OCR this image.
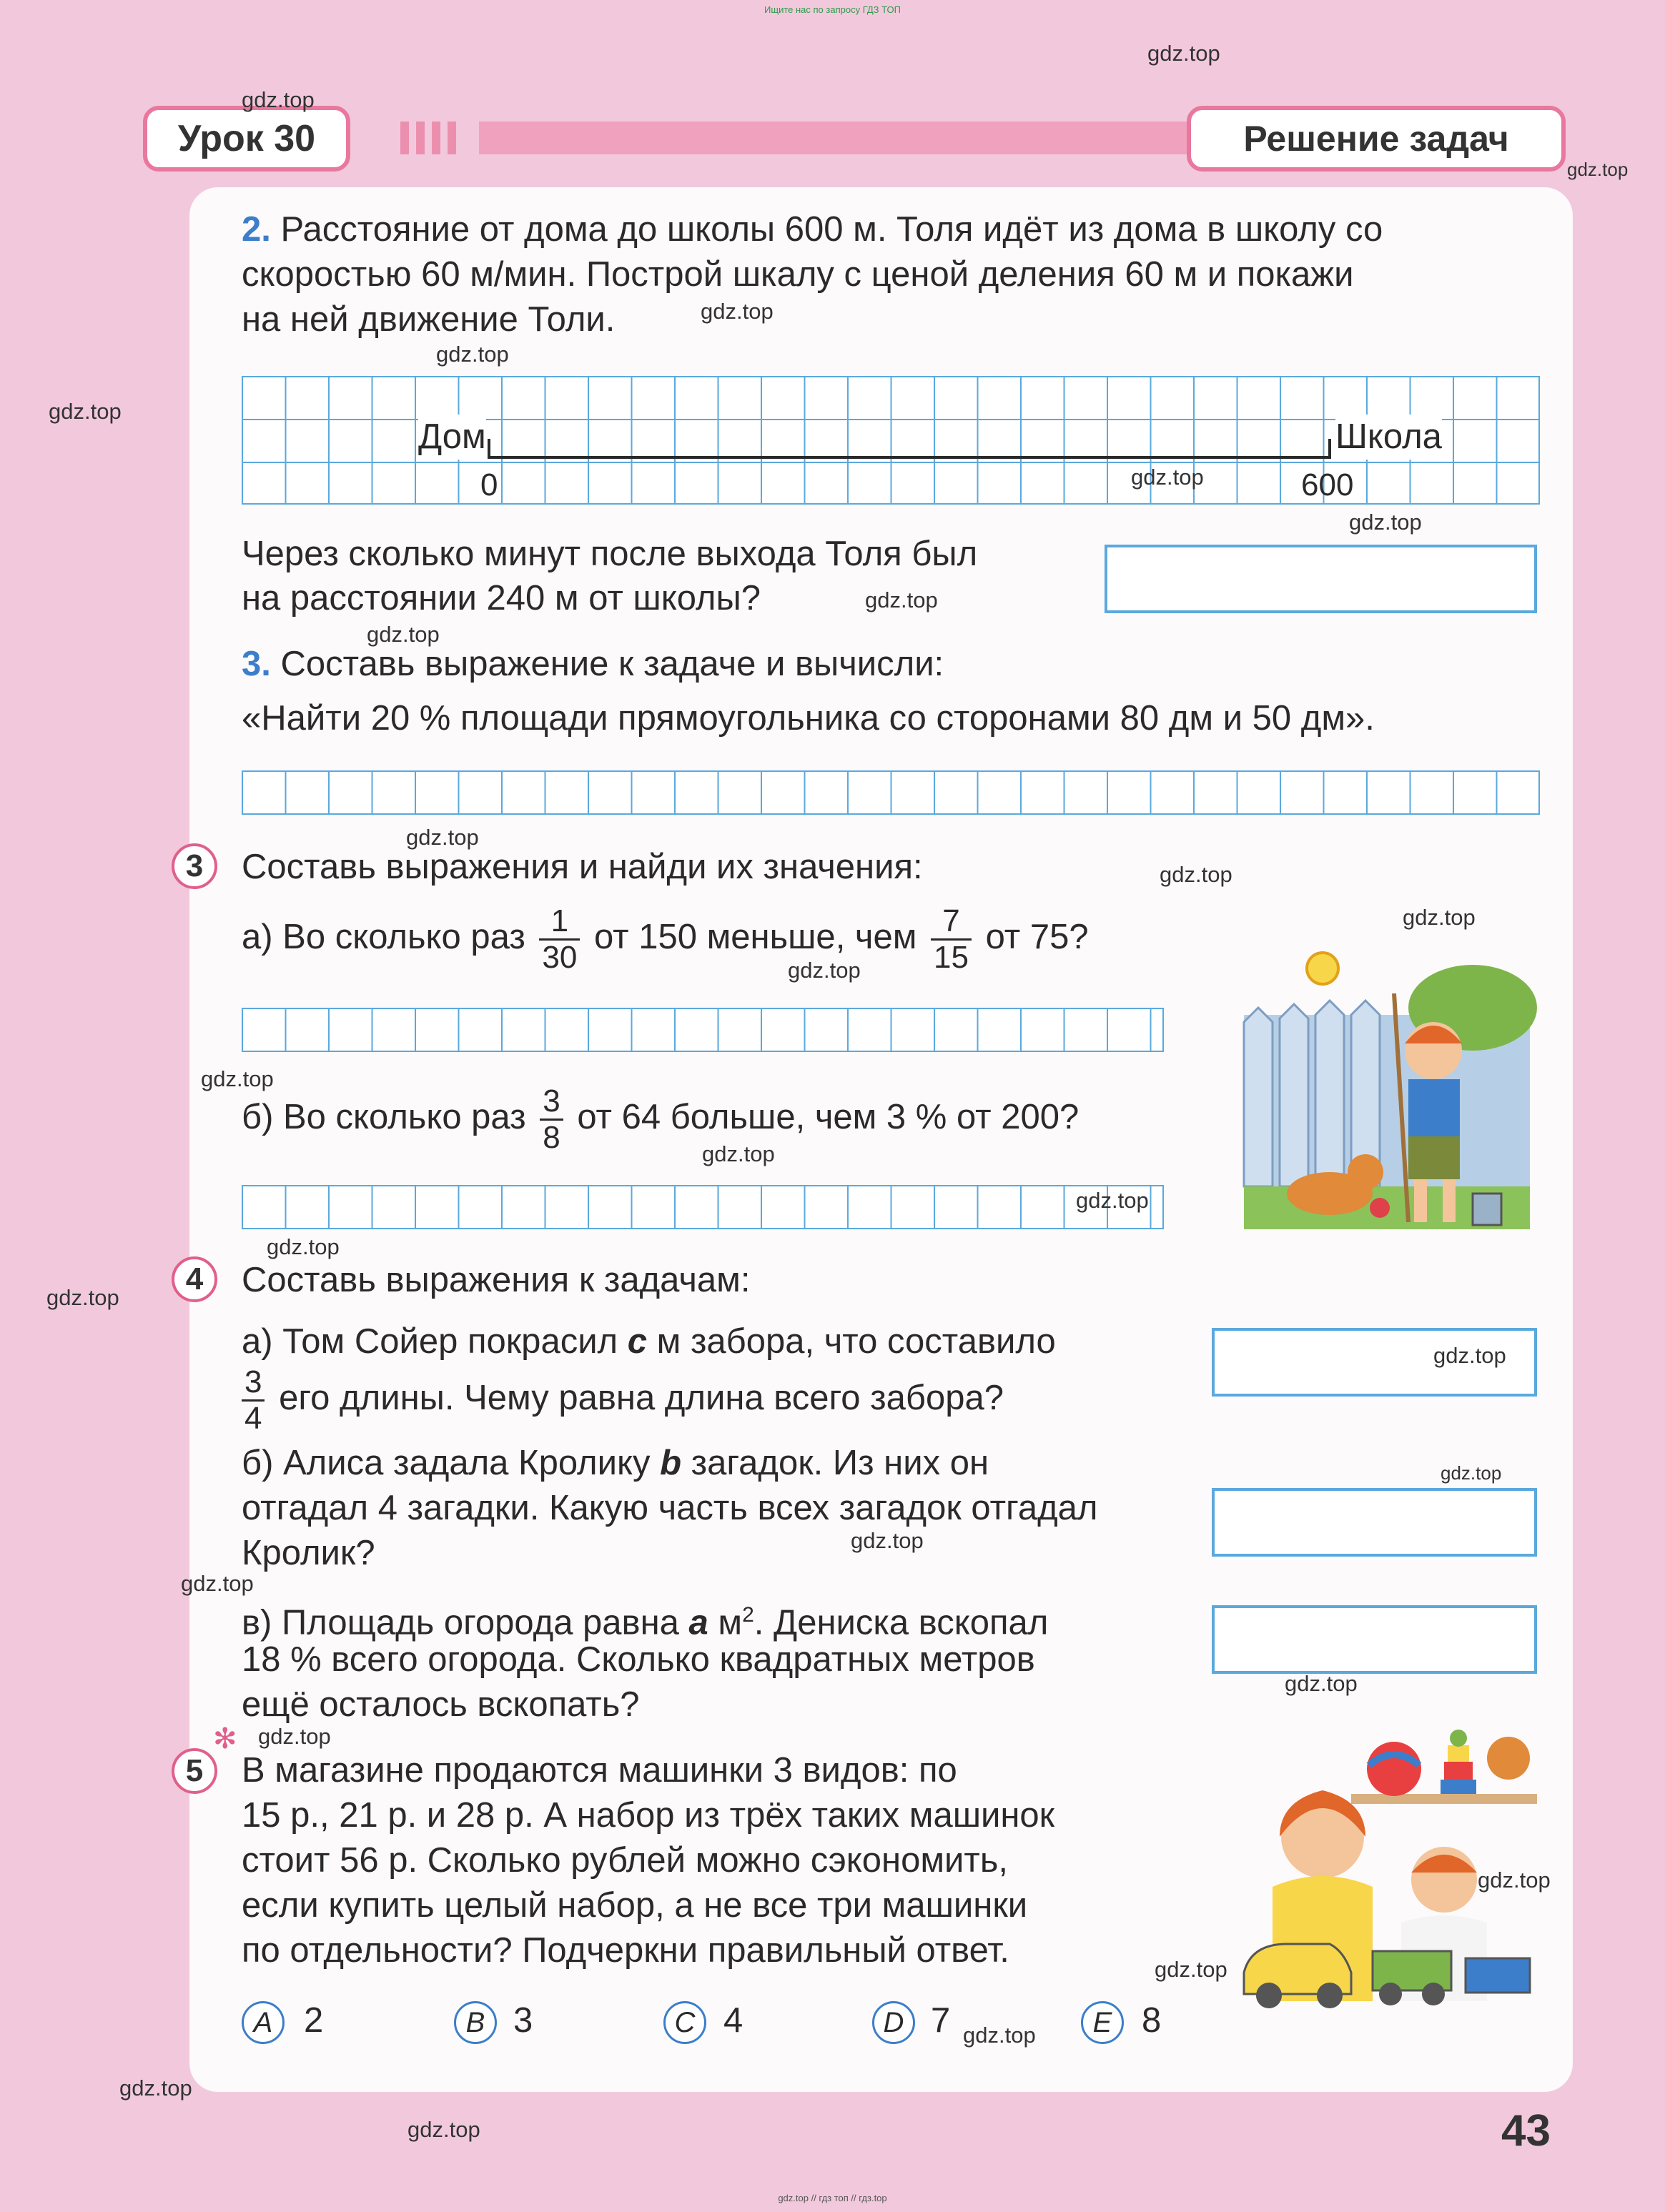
Ищите нас по запросу ГДЗ ТОП
gdz.top // гдз топ // гдз.top
Урок 30	Решение задач
2. Расстояние от дома до школы 600 м. Толя идёт из дома в школу со
скоростью 60 м/мин. Построй шкалу с ценой деления 60 м и покажи
на ней движение Толи.
Дом	Школа
0	600
Через сколько минут после выхода Толя был
на расстоянии 240 м от школы?
3. Составь выражение к задаче и вычисли:
«Найти 20 % площади прямоугольника со сторонами 80 дм и 50 дм».
3	Составь выражения и найди их значения:
а) Во сколько раз $\frac{1}{30}$ от 150 меньше, чем $\frac{7}{15}$ от 75?
б) Во сколько раз $\frac{3}{8}$ от 64 больше, чем 3 % от 200?
4	Составь выражения к задачам:
а) Том Сойер покрасил c м забора, что составило
$\frac{3}{4}$ его длины. Чему равна длина всего забора?
б) Алиса задала Кролику b загадок. Из них он
отгадал 4 загадки. Какую часть всех загадок отгадал
Кролик?
в) Площадь огорода равна a $м^2$. Дениска вскопал
18 % всего огорода. Сколько квадратных метров
ещё осталось вскопать?
✻
5	В магазине продаются машинки 3 видов: по
15 р., 21 р. и 28 р. А набор из трёх таких машинок
стоит 56 р. Сколько рублей можно сэкономить,
если купить целый набор, а не все три машинки
по отдельности? Подчеркни правильный ответ.
A 2	B 3	C 4	D 7	E 8
43
gdz.top
gdz.top
gdz.top
gdz.top
gdz.top
gdz.top
gdz.top
gdz.top
gdz.top
gdz.top
gdz.top
gdz.top
gdz.top
gdz.top
gdz.top
gdz.top
gdz.top
gdz.top
gdz.top
gdz.top
gdz.top
gdz.top
gdz.top
gdz.top
gdz.top
gdz.top
gdz.top
gdz.top
gdz.top
gdz.top
